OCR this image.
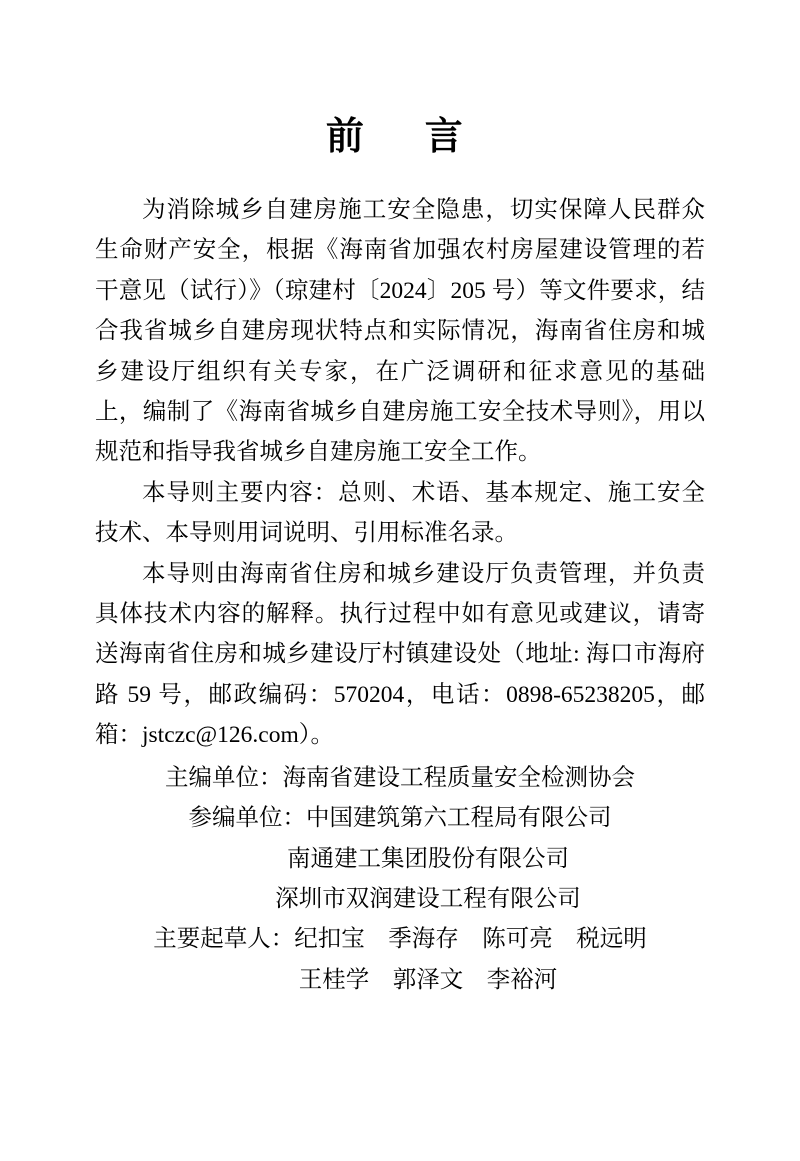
前　言

为消除城乡自建房施工安全隐患，切实保障人民群众生命财产安全，根据《海南省加强农村房屋建设管理的若干意见（试行）》（琼建村〔2024〕205 号）等文件要求，结合我省城乡自建房现状特点和实际情况，海南省住房和城乡建设厅组织有关专家，在广泛调研和征求意见的基础上，编制了《海南省城乡自建房施工安全技术导则》，用以规范和指导我省城乡自建房施工安全工作。

本导则主要内容：总则、术语、基本规定、施工安全技术、本导则用词说明、引用标准名录。

本导则由海南省住房和城乡建设厅负责管理，并负责具体技术内容的解释。执行过程中如有意见或建议，请寄送海南省住房和城乡建设厅村镇建设处（地址: 海口市海府路 59 号，邮政编码：570204，电话：0898-65238205，邮箱：jstczc@126.com）。

主编单位：海南省建设工程质量安全检测协会
参编单位：中国建筑第六工程局有限公司
南通建工集团股份有限公司
深圳市双润建设工程有限公司
主要起草人：纪扣宝　季海存　陈可亮　税远明
王桂学　郭泽文　李裕河
